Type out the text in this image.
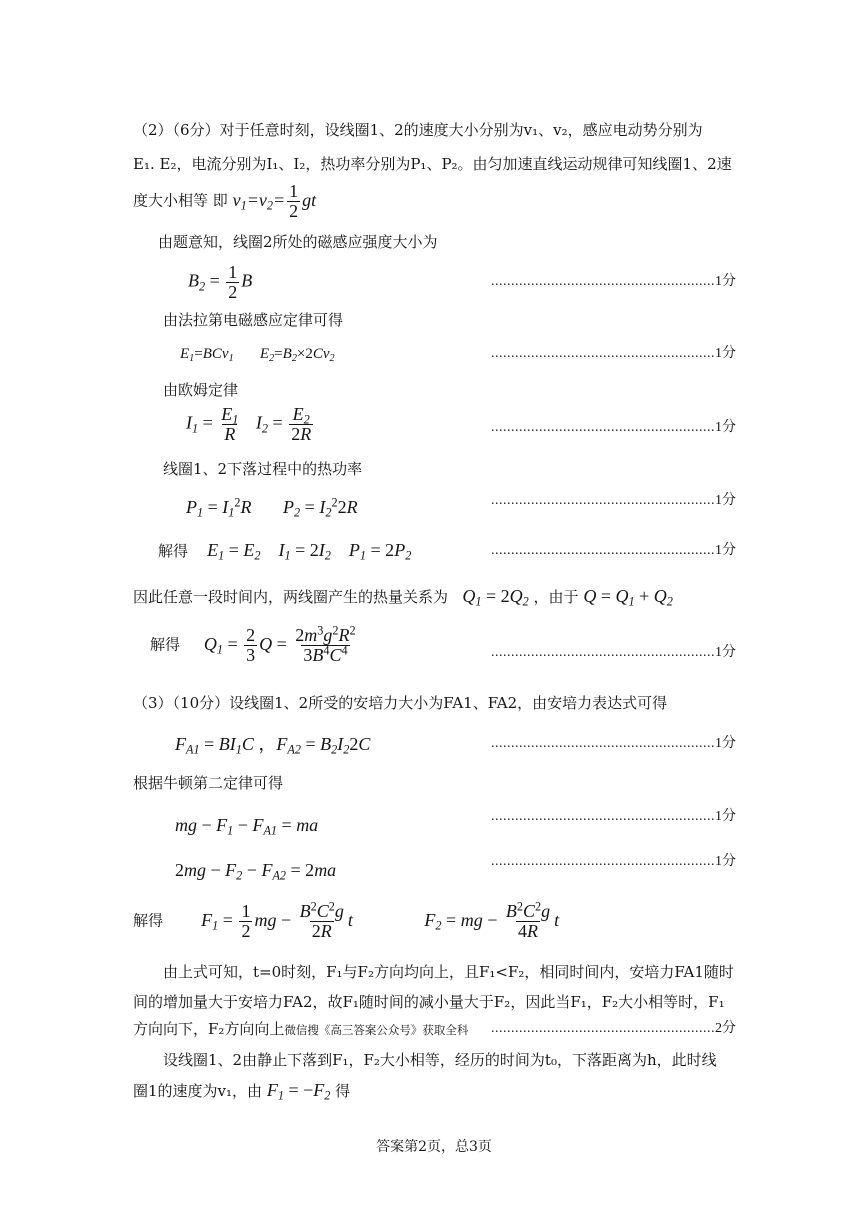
（2）（6分）对于任意时刻，设线圈1、2的速度大小分别为v₁、v₂，感应电动势分别为
E₁. E₂，电流分别为I₁、I₂，热功率分别为P₁、P₂。由匀加速直线运动规律可知线圈1、2速
度大小相等 即 $v_1=v_2= \frac{1}{2}$ gt
由题意知，线圈2所处的磁感应强度大小为
$B_2 = \frac{1}{2}$ B	........................................................1分
由法拉第电磁感应定律可得
$E_1=BCv_1$       $E_2=B_2\times 2Cv_2$	........................................................1分
由欧姆定律
$I_1 = \frac{E_1}{R} I_2 = \frac{E_2}{2R}$	........................................................1分
线圈1、2下落过程中的热功率
$P_1 = I_1^2R$       $P_2 = I_2^22R$	........................................................1分
解得 $E_1 = E_2$    $I_1 = 2I_2$    $P_1 = 2P_2$	........................................................1分
因此任意一段时间内，两线圈产生的热量关系为 $Q_1 = 2Q_2$ ，由于 $Q = Q_1 + Q_2$
解得 $Q_1 = \frac{2}{3}$ $Q = \frac{2m^3g^2R^2}{3B^4C^4}$	........................................................1分
（3）（10分）设线圈1、2所受的安培力大小为FA1、FA2，由安培力表达式可得
$F_{A1} = BI_1C$ ，$F_{A2} = B_2I_22C$	........................................................1分
根据牛顿第二定律可得
mg − $F_1 - F_{A1}$ = ma	........................................................1分
$2mg - F_2 - F_{A2} = 2ma$	........................................................1分
解得 $F_1 = \frac{1}{2}$ mg − $\frac{B^2C^2g}{2R}$ t	$F_2$ = mg − $\frac{B^2C^2g}{4R}$ t
由上式可知，t=0时刻，F₁与F₂方向均向上，且F₁<F₂，相同时间内，安培力FA1随时
间的增加量大于安培力FA2，故F₁随时间的减小量大于F₂，因此当F₁，F₂大小相等时，F₁
方向向下，F₂方向向上微信搜《高三答案公众号》获取全科	........................................................2分
设线圈1、2由静止下落到F₁，F₂大小相等，经历的时间为t₀，下落距离为h，此时线
圈1的速度为v₁，由 $F_1 = -F_2$ 得
答案第2页，总3页
